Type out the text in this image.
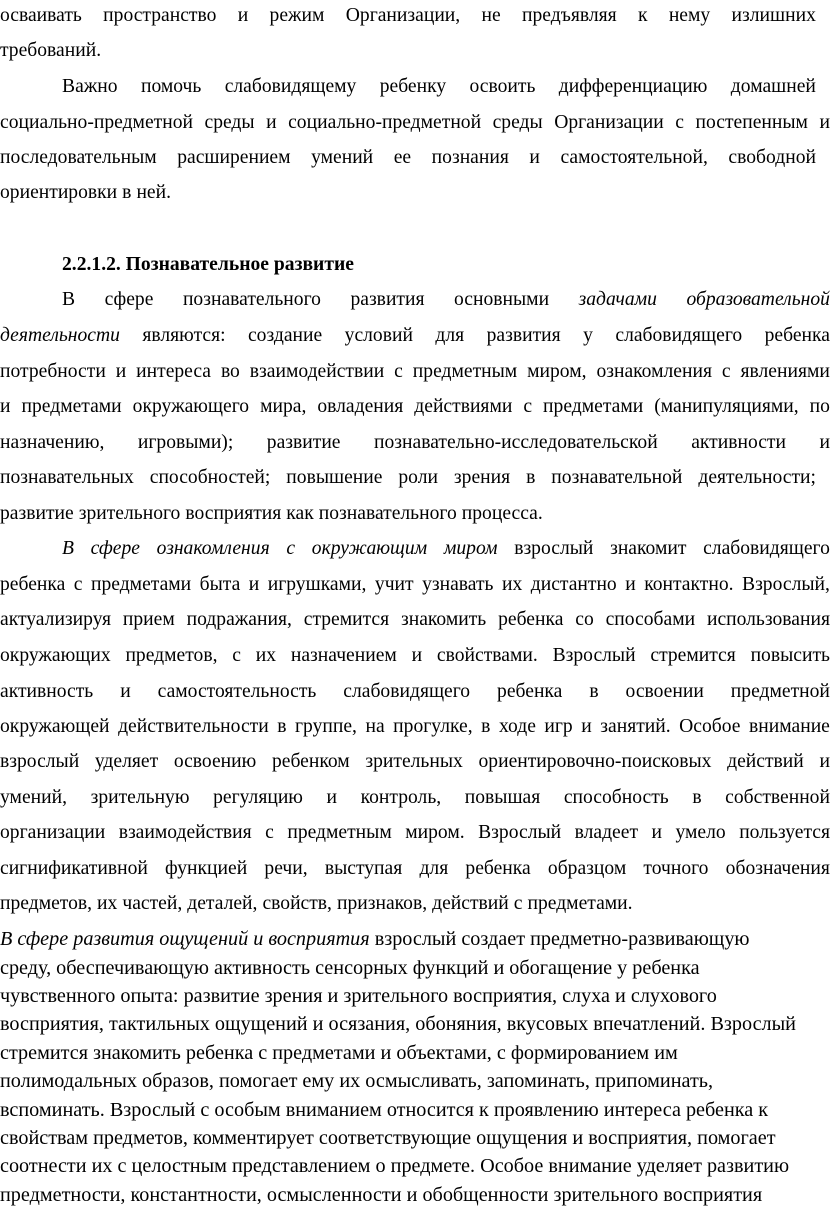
осваивать пространство и режим Организации, не предъявляя к нему излишних
требований.
Важно помочь слабовидящему ребенку освоить дифференциацию домашней
социально-предметной среды и социально-предметной среды Организации с постепенным и
последовательным расширением умений ее познания и самостоятельной, свободной
ориентировки в ней.
2.2.1.2. Познавательное развитие
В сфере познавательного развития основными задачами образовательной
деятельности являются: создание условий для развития у слабовидящего ребенка
потребности и интереса во взаимодействии с предметным миром, ознакомления с явлениями
и предметами окружающего мира, овладения действиями с предметами (манипуляциями, по
назначению, игровыми); развитие познавательно-исследовательской активности и
познавательных способностей; повышение роли зрения в познавательной деятельности;
развитие зрительного восприятия как познавательного процесса.
В сфере ознакомления с окружающим миром взрослый знакомит слабовидящего
ребенка с предметами быта и игрушками, учит узнавать их дистантно и контактно. Взрослый,
актуализируя прием подражания, стремится знакомить ребенка со способами использования
окружающих предметов, с их назначением и свойствами. Взрослый стремится повысить
активность и самостоятельность слабовидящего ребенка в освоении предметной
окружающей действительности в группе, на прогулке, в ходе игр и занятий. Особое внимание
взрослый уделяет освоению ребенком зрительных ориентировочно-поисковых действий и
умений, зрительную регуляцию и контроль, повышая способность в собственной
организации взаимодействия с предметным миром. Взрослый владеет и умело пользуется
сигнификативной функцией речи, выступая для ребенка образцом точного обозначения
предметов, их частей, деталей, свойств, признаков, действий с предметами.
В сфере развития ощущений и восприятия взрослый создает предметно-развивающую
среду, обеспечивающую активность сенсорных функций и обогащение у ребенка
чувственного опыта: развитие зрения и зрительного восприятия, слуха и слухового
восприятия, тактильных ощущений и осязания, обоняния, вкусовых впечатлений. Взрослый
стремится знакомить ребенка с предметами и объектами, с формированием им
полимодальных образов, помогает ему их осмысливать, запоминать, припоминать,
вспоминать. Взрослый с особым вниманием относится к проявлению интереса ребенка к
свойствам предметов, комментирует соответствующие ощущения и восприятия, помогает
соотнести их с целостным представлением о предмете. Особое внимание уделяет развитию
предметности, константности, осмысленности и обобщенности зрительного восприятия
